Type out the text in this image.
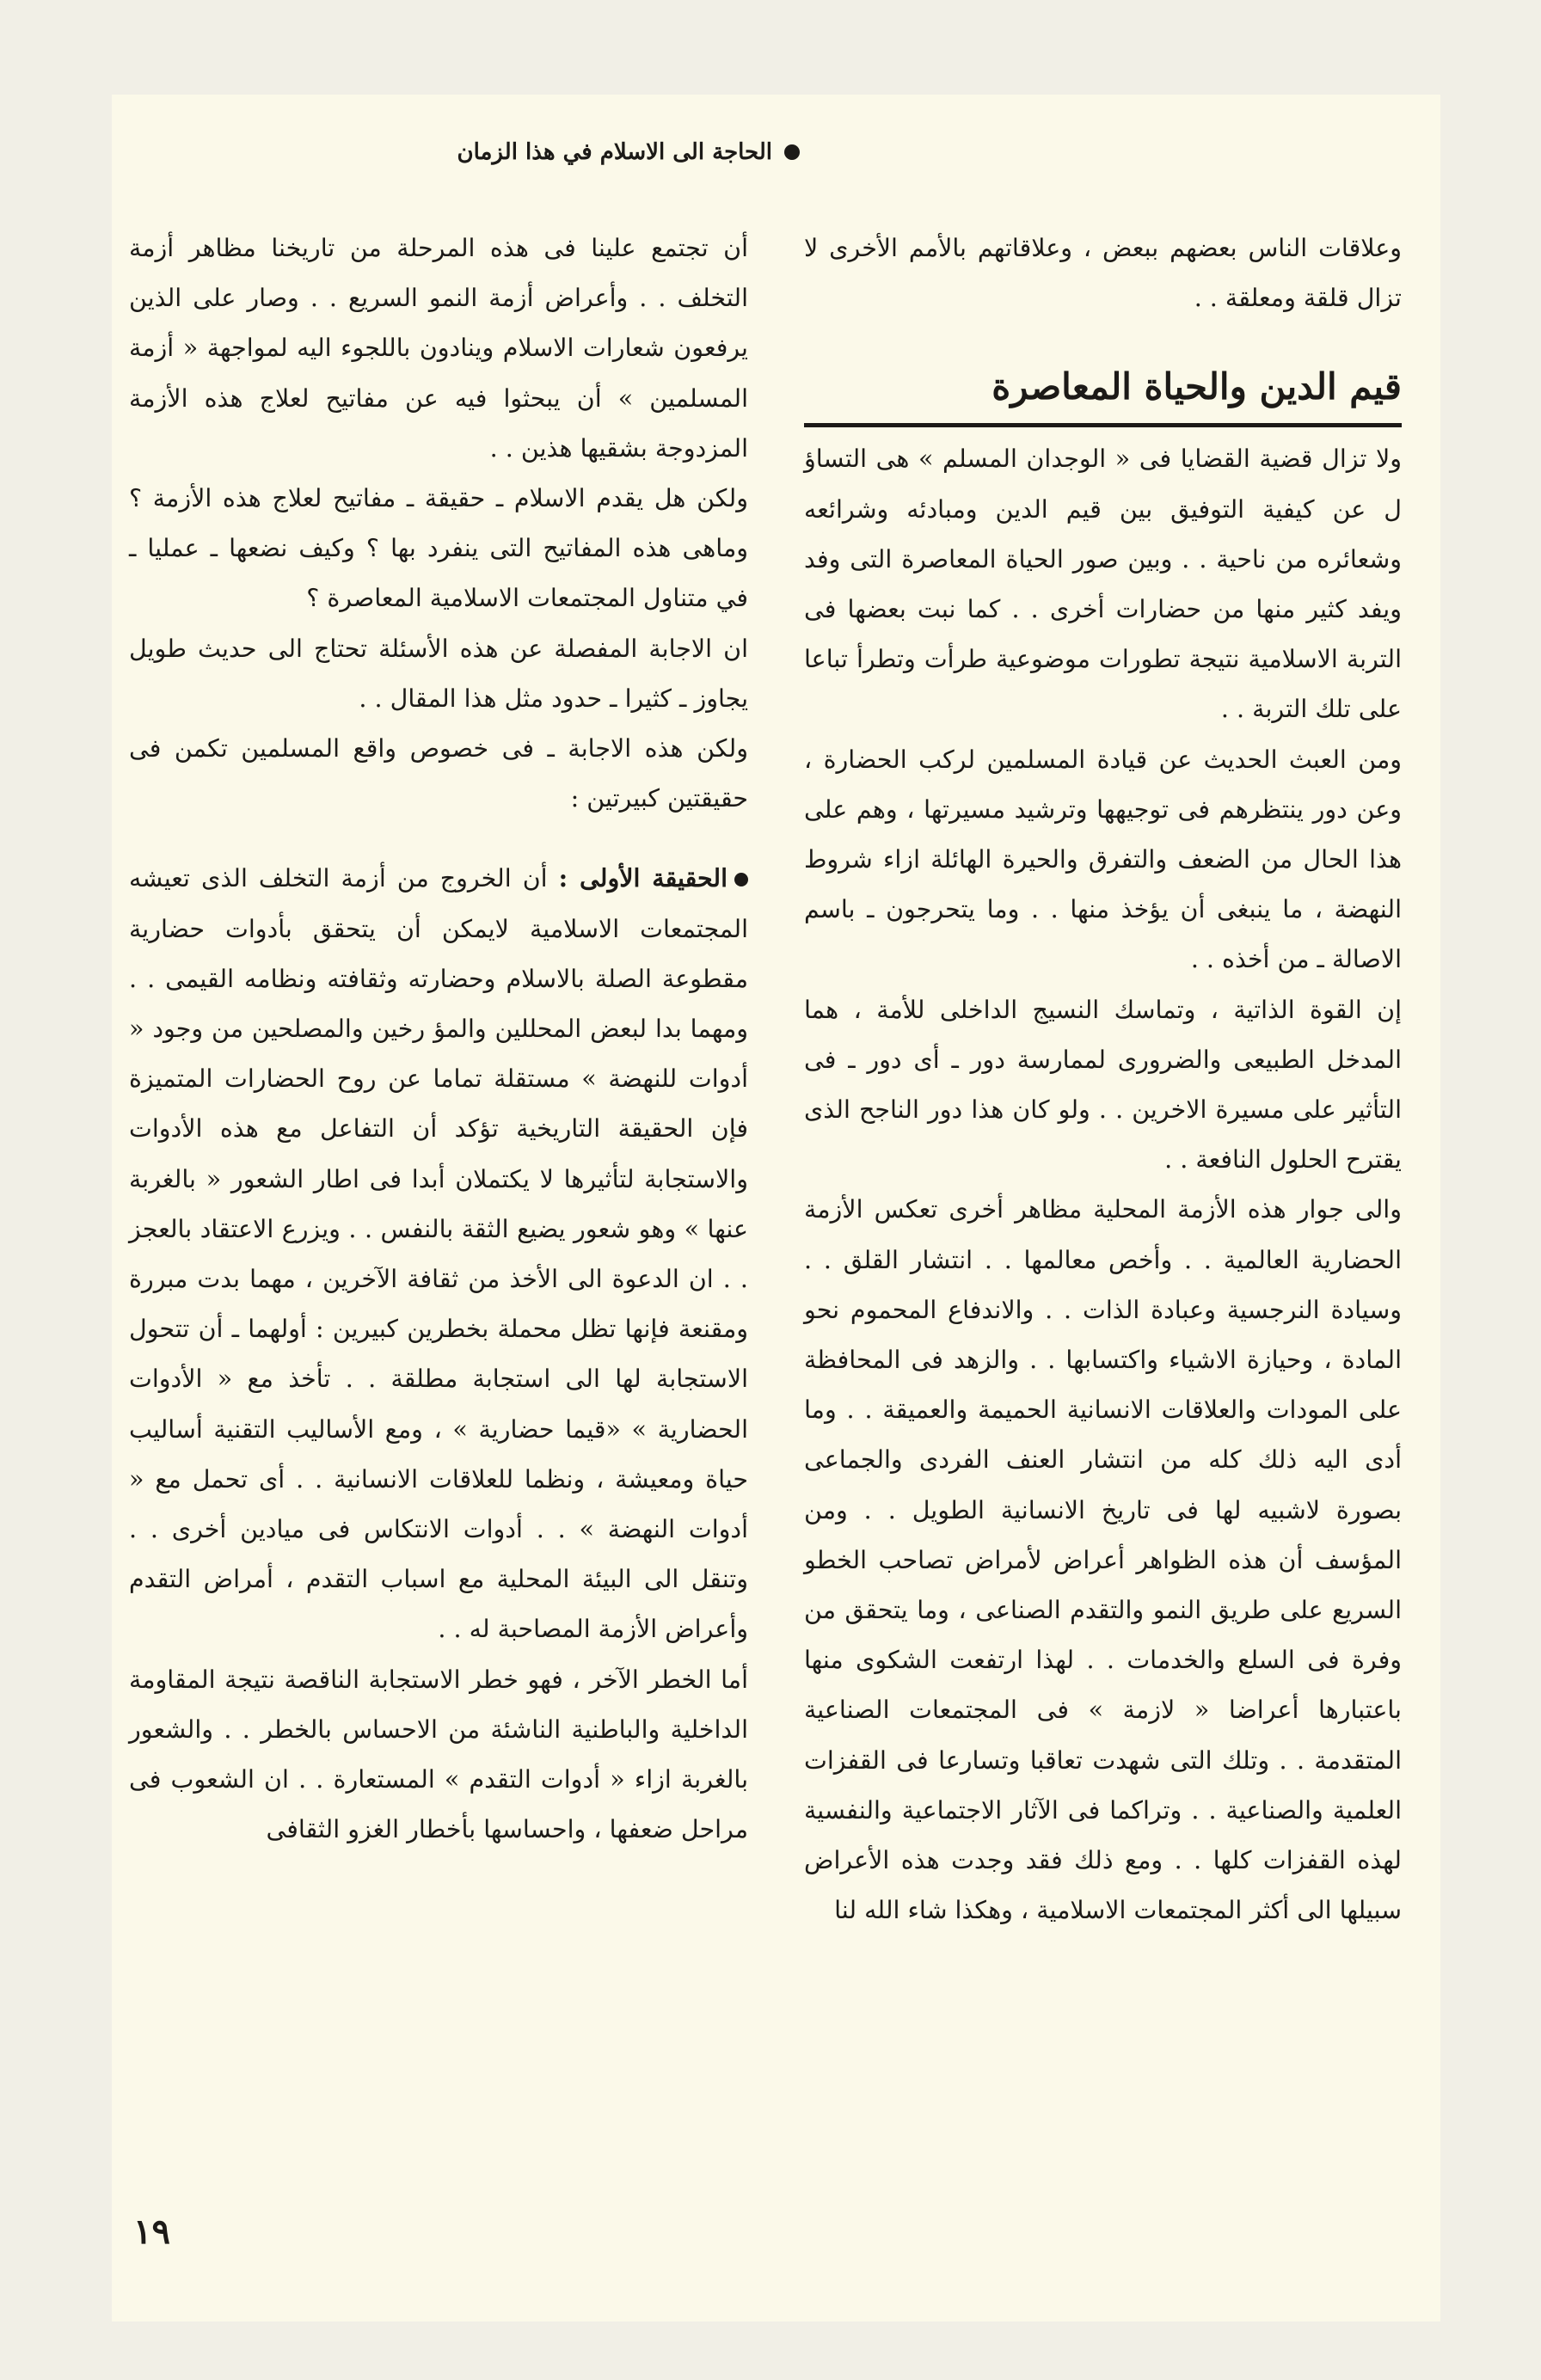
الحاجة الى الاسلام في هذا الزمان

وعلاقات الناس بعضهم ببعض ، وعلاقاتهم بالأمم الأخرى لا تزال قلقة ومعلقة . .

قيم الدين والحياة المعاصرة

ولا تزال قضية القضايا فى « الوجدان المسلم » هى التساؤ ل عن كيفية التوفيق بين قيم الدين ومبادئه وشرائعه وشعائره من ناحية . . وبين صور الحياة المعاصرة التى وفد ويفد كثير منها من حضارات أخرى . . كما نبت بعضها فى التربة الاسلامية نتيجة تطورات موضوعية طرأت وتطرأ تباعا على تلك التربة . .

ومن العبث الحديث عن قيادة المسلمين لركب الحضارة ، وعن دور ينتظرهم فى توجيهها وترشيد مسيرتها ، وهم على هذا الحال من الضعف والتفرق والحيرة الهائلة ازاء شروط النهضة ، ما ينبغى أن يؤخذ منها . . وما يتحرجون ـ باسم الاصالة ـ من أخذه . .

إن القوة الذاتية ، وتماسك النسيج الداخلى للأمة ، هما المدخل الطبيعى والضرورى لممارسة دور ـ أى دور ـ فى التأثير على مسيرة الاخرين . . ولو كان هذا دور الناجح الذى يقترح الحلول النافعة . .

والى جوار هذه الأزمة المحلية مظاهر أخرى تعكس الأزمة الحضارية العالمية . . وأخص معالمها . . انتشار القلق . . وسيادة النرجسية وعبادة الذات . . والاندفاع المحموم نحو المادة ، وحيازة الاشياء واكتسابها . . والزهد فى المحافظة على المودات والعلاقات الانسانية الحميمة والعميقة . . وما أدى اليه ذلك كله من انتشار العنف الفردى والجماعى بصورة لاشبيه لها فى تاريخ الانسانية الطويل . . ومن المؤسف أن هذه الظواهر أعراض لأمراض تصاحب الخطو السريع على طريق النمو والتقدم الصناعى ، وما يتحقق من وفرة فى السلع والخدمات . . لهذا ارتفعت الشكوى منها باعتبارها أعراضا « لازمة » فى المجتمعات الصناعية المتقدمة . . وتلك التى شهدت تعاقبا وتسارعا فى القفزات العلمية والصناعية . . وتراكما فى الآثار الاجتماعية والنفسية لهذه القفزات كلها . . ومع ذلك فقد وجدت هذه الأعراض سبيلها الى أكثر المجتمعات الاسلامية ، وهكذا شاء الله لنا

أن تجتمع علينا فى هذه المرحلة من تاريخنا مظاهر أزمة التخلف . . وأعراض أزمة النمو السريع . . وصار على الذين يرفعون شعارات الاسلام وينادون باللجوء اليه لمواجهة « أزمة المسلمين » أن يبحثوا فيه عن مفاتيح لعلاج هذه الأزمة المزدوجة بشقيها هذين . .

ولكن هل يقدم الاسلام ـ حقيقة ـ مفاتيح لعلاج هذه الأزمة ؟ وماهى هذه المفاتيح التى ينفرد بها ؟ وكيف نضعها ـ عمليا ـ في متناول المجتمعات الاسلامية المعاصرة ؟

ان الاجابة المفصلة عن هذه الأسئلة تحتاج الى حديث طويل يجاوز ـ كثيرا ـ حدود مثل هذا المقال . .

ولكن هذه الاجابة ـ فى خصوص واقع المسلمين تكمن فى حقيقتين كبيرتين :

الحقيقة الأولى : أن الخروج من أزمة التخلف الذى تعيشه المجتمعات الاسلامية لايمكن أن يتحقق بأدوات حضارية مقطوعة الصلة بالاسلام وحضارته وثقافته ونظامه القيمى . . ومهما بدا لبعض المحللين والمؤ رخين والمصلحين من وجود « أدوات للنهضة » مستقلة تماما عن روح الحضارات المتميزة فإن الحقيقة التاريخية تؤكد أن التفاعل مع هذه الأدوات والاستجابة لتأثيرها لا يكتملان أبدا فى اطار الشعور « بالغربة عنها » وهو شعور يضيع الثقة بالنفس . . ويزرع الاعتقاد بالعجز . . ان الدعوة الى الأخذ من ثقافة الآخرين ، مهما بدت مبررة ومقنعة فإنها تظل محملة بخطرين كبيرين : أولهما ـ أن تتحول الاستجابة لها الى استجابة مطلقة . . تأخذ مع « الأدوات الحضارية » «قيما حضارية » ، ومع الأساليب التقنية أساليب حياة ومعيشة ، ونظما للعلاقات الانسانية . . أى تحمل مع « أدوات النهضة » . . أدوات الانتكاس فى ميادين أخرى . . وتنقل الى البيئة المحلية مع اسباب التقدم ، أمراض التقدم وأعراض الأزمة المصاحبة له . .

أما الخطر الآخر ، فهو خطر الاستجابة الناقصة نتيجة المقاومة الداخلية والباطنية الناشئة من الاحساس بالخطر . . والشعور بالغربة ازاء « أدوات التقدم » المستعارة . . ان الشعوب فى مراحل ضعفها ، واحساسها بأخطار الغزو الثقافى

١٩
